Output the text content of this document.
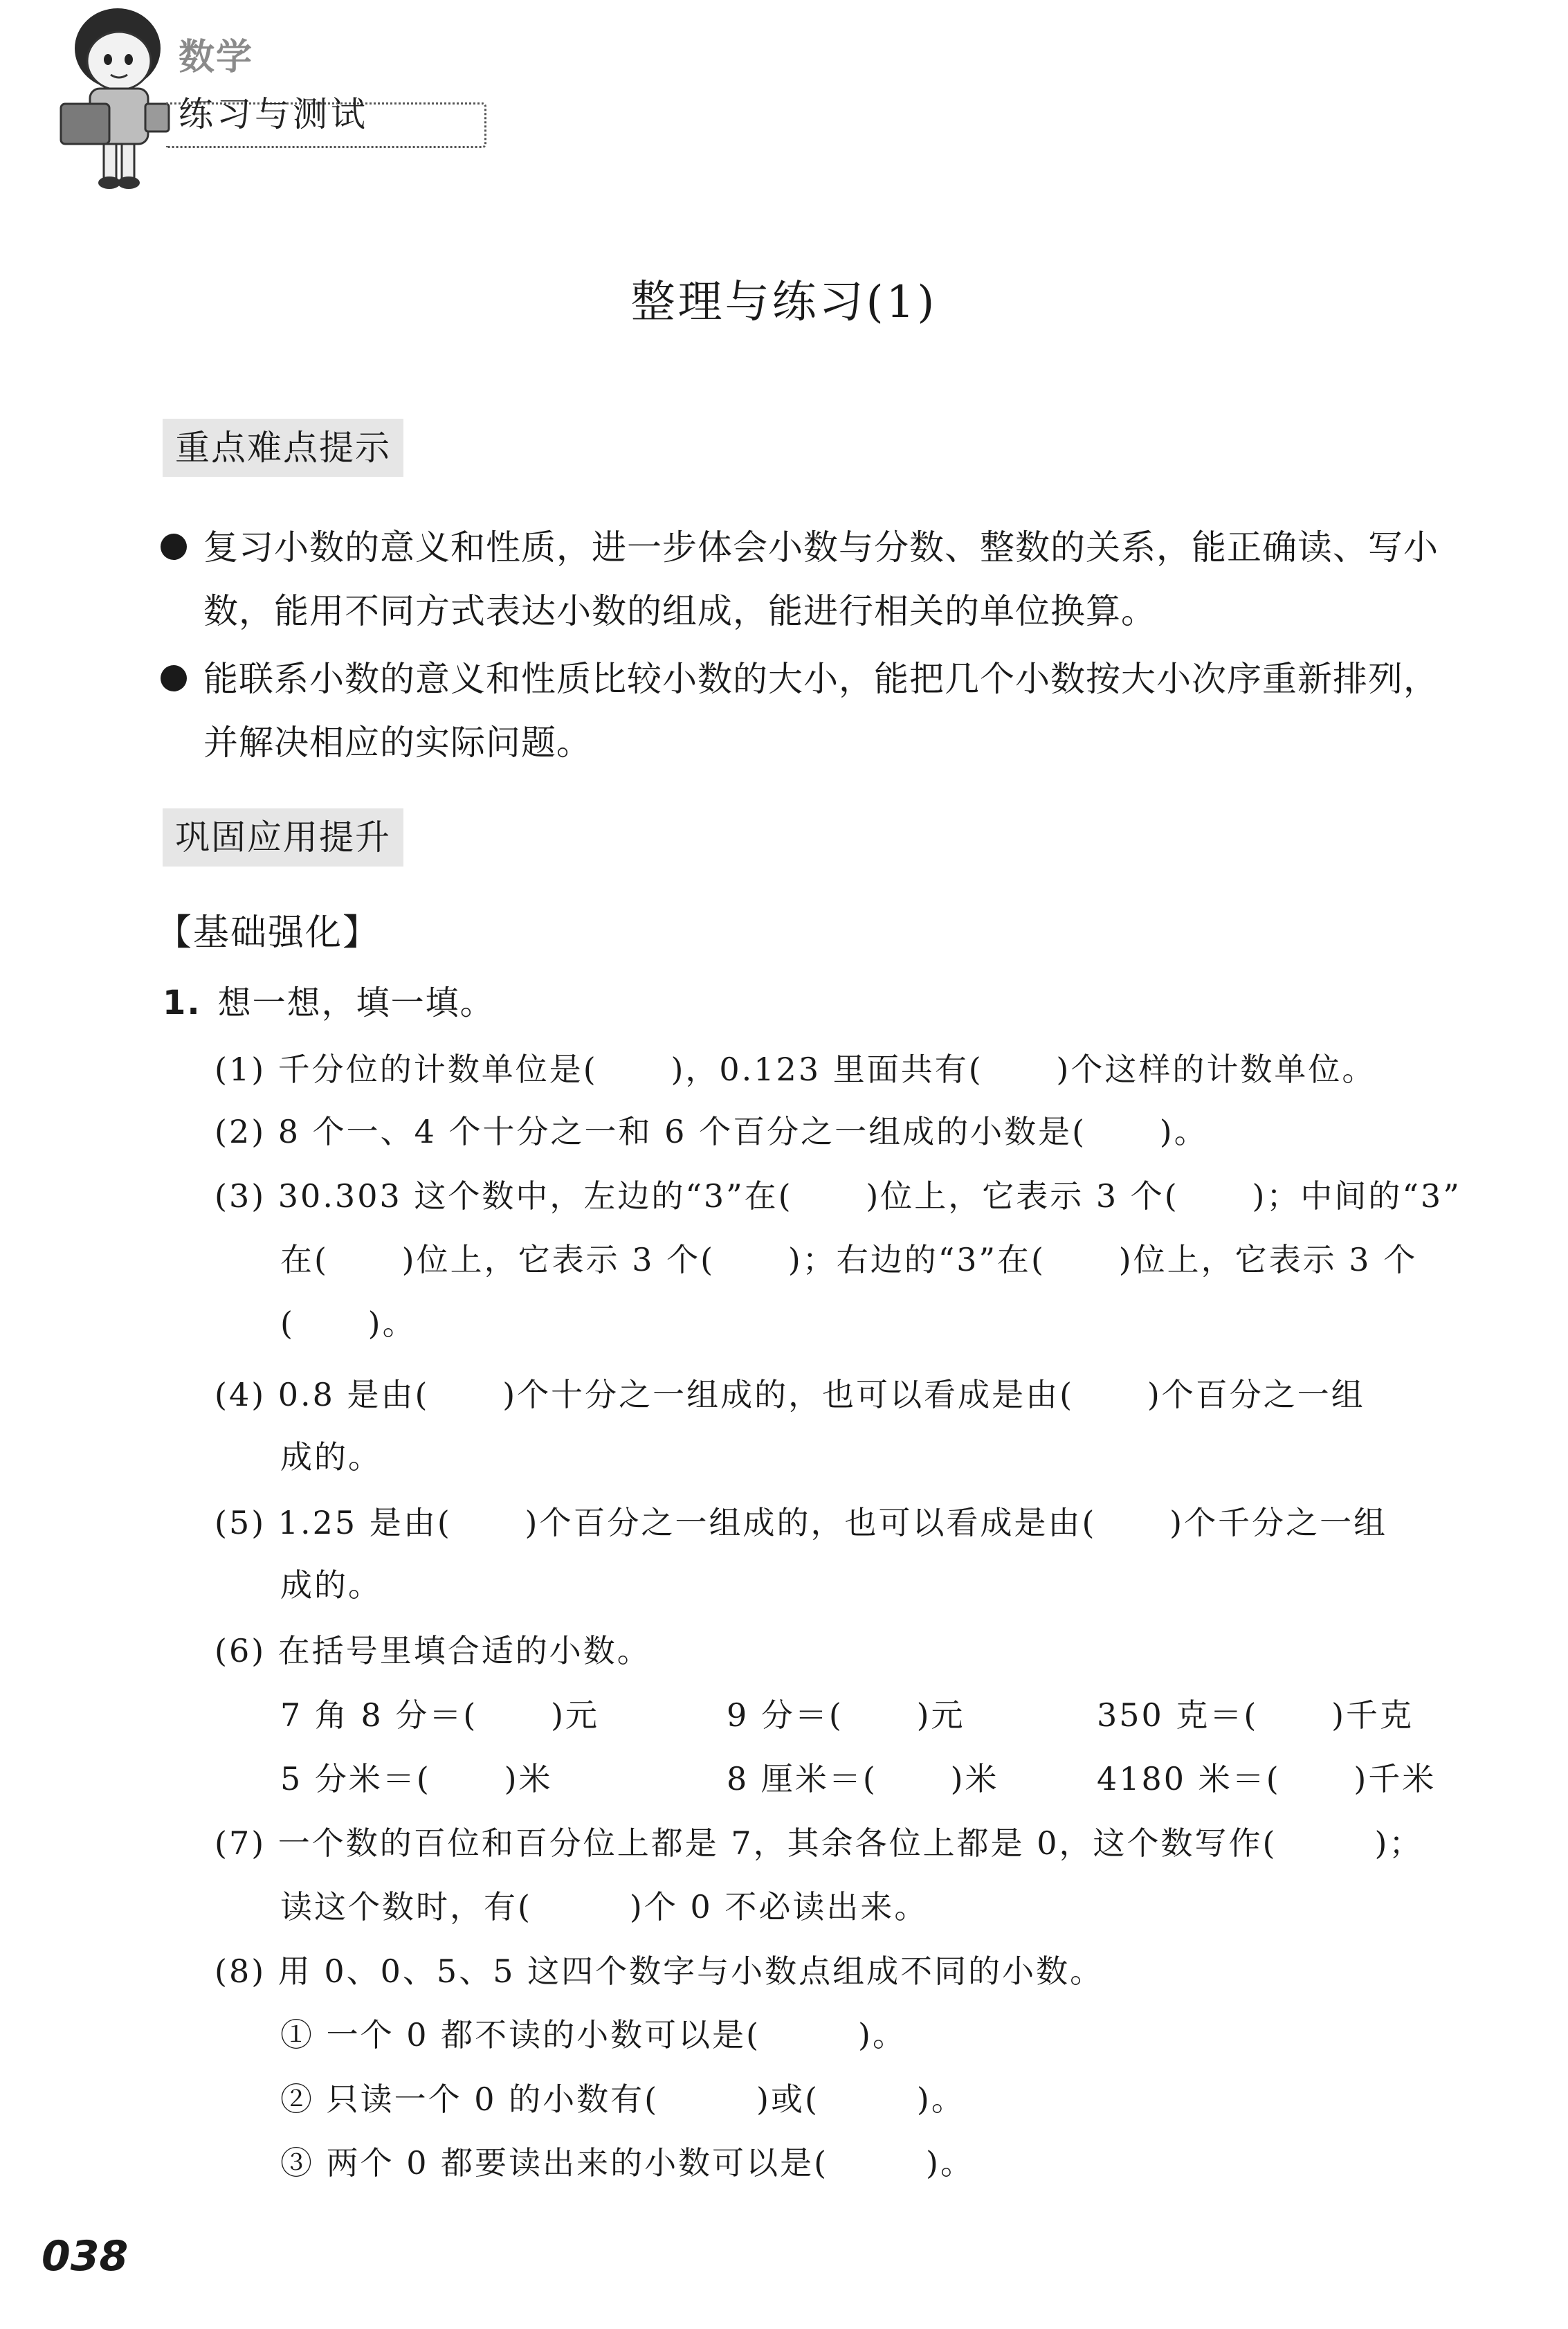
数学
练习与测试
整理与练习(1)
重点难点提示
复习小数的意义和性质，进一步体会小数与分数、整数的关系，能正确读、写小
数，能用不同方式表达小数的组成，能进行相关的单位换算。
能联系小数的意义和性质比较小数的大小，能把几个小数按大小次序重新排列，
并解决相应的实际问题。
巩固应用提升
【基础强化】
1. 想一想，填一填。
(1) 千分位的计数单位是(      )，0.123 里面共有(      )个这样的计数单位。
(2) 8 个一、4 个十分之一和 6 个百分之一组成的小数是(      )。
(3) 30.303 这个数中，左边的“3”在(      )位上，它表示 3 个(      )；中间的“3”
在(      )位上，它表示 3 个(      )；右边的“3”在(      )位上，它表示 3 个
(      )。
(4) 0.8 是由(      )个十分之一组成的，也可以看成是由(      )个百分之一组
成的。
(5) 1.25 是由(      )个百分之一组成的，也可以看成是由(      )个千分之一组
成的。
(6) 在括号里填合适的小数。
7 角 8 分＝(      )元	9 分＝(      )元	350 克＝(      )千克
5 分米＝(      )米	8 厘米＝(      )米	4180 米＝(      )千米
(7) 一个数的百位和百分位上都是 7，其余各位上都是 0，这个数写作(        )；
读这个数时，有(        )个 0 不必读出来。
(8) 用 0、0、5、5 这四个数字与小数点组成不同的小数。
① 一个 0 都不读的小数可以是(        )。
② 只读一个 0 的小数有(        )或(        )。
③ 两个 0 都要读出来的小数可以是(        )。
038
